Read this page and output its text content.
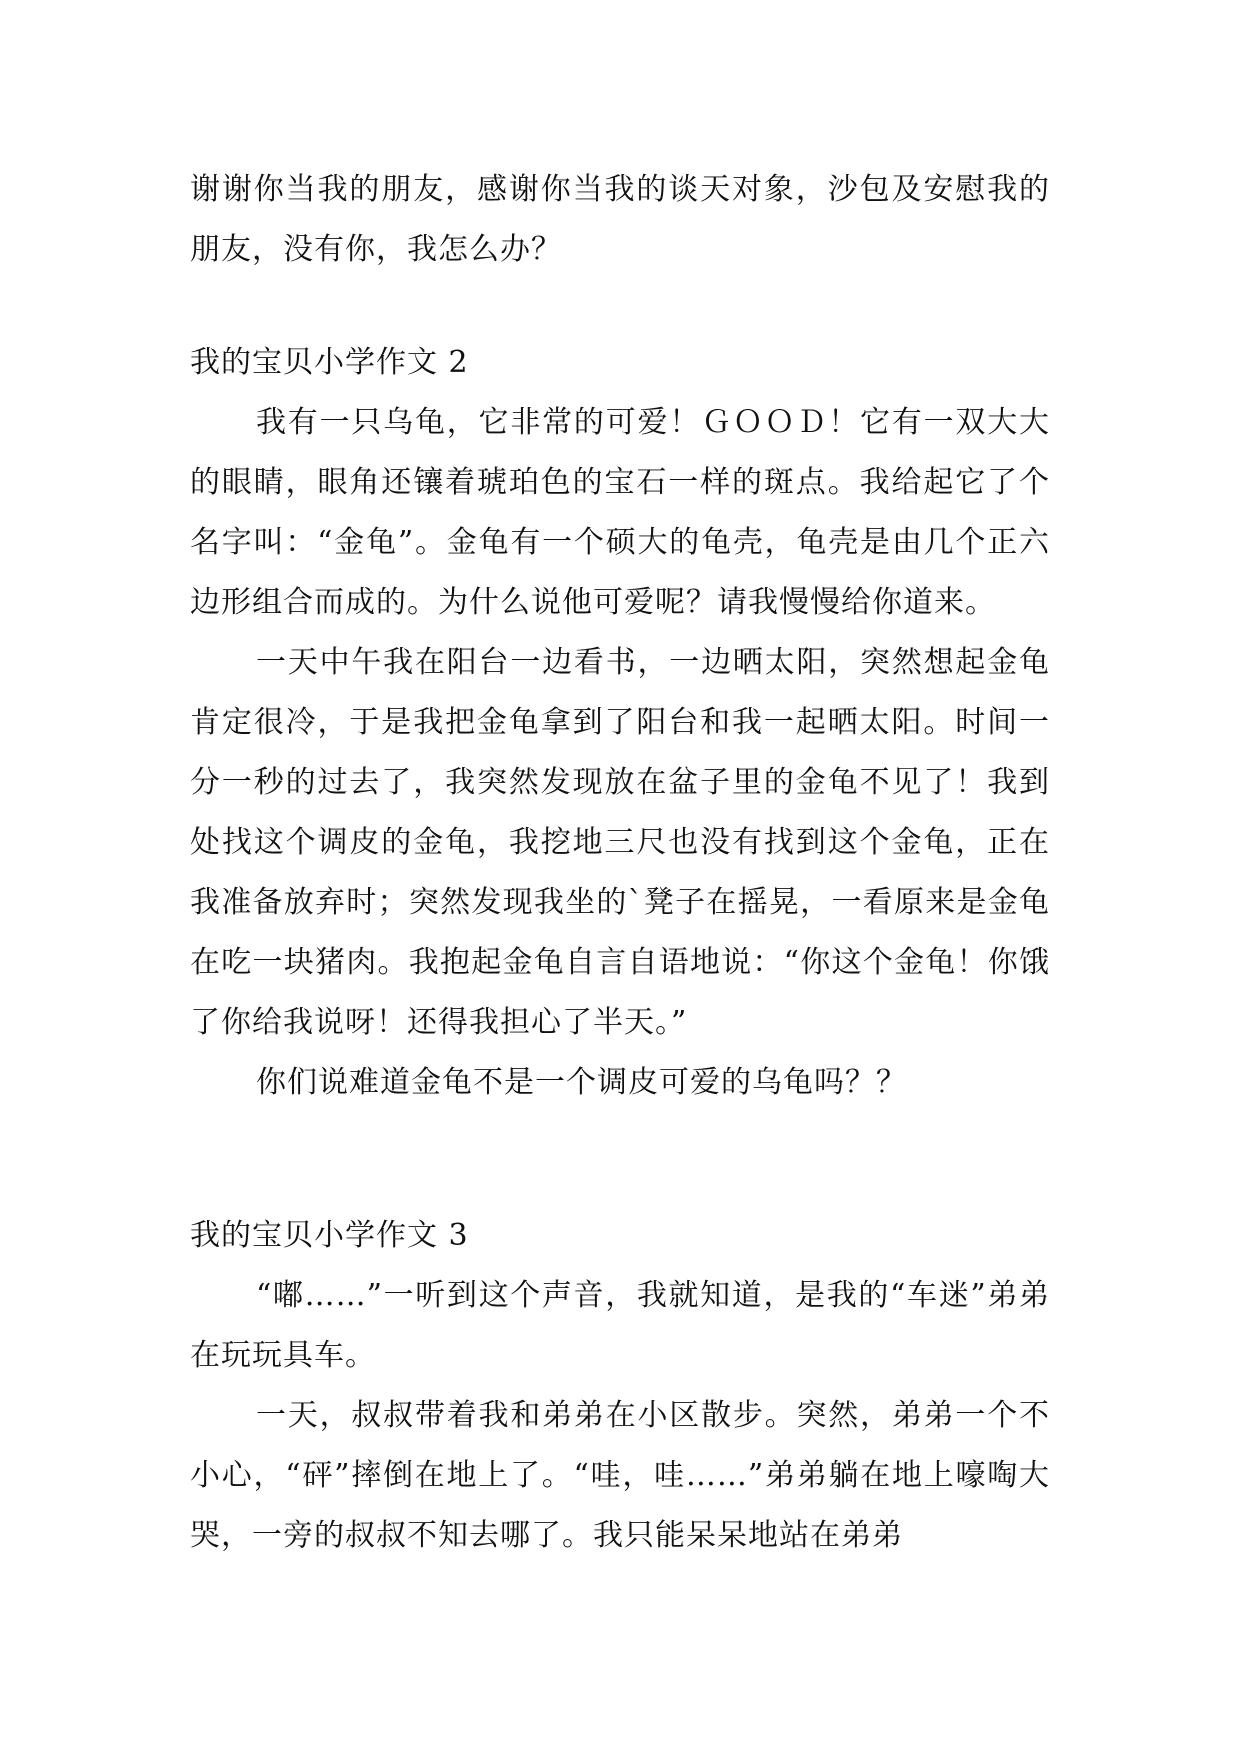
谢谢你当我的朋友，感谢你当我的谈天对象，沙包及安慰我的朋友，没有你，我怎么办？

我的宝贝小学作文 2

我有一只乌龟，它非常的可爱！ＧＯＯＤ！它有一双大大的眼睛，眼角还镶着琥珀色的宝石一样的斑点。我给起它了个名字叫：“金龟”。金龟有一个硕大的龟壳，龟壳是由几个正六边形组合而成的。为什么说他可爱呢？请我慢慢给你道来。

一天中午我在阳台一边看书，一边晒太阳，突然想起金龟肯定很冷，于是我把金龟拿到了阳台和我一起晒太阳。时间一分一秒的过去了，我突然发现放在盆子里的金龟不见了！我到处找这个调皮的金龟，我挖地三尺也没有找到这个金龟，正在我准备放弃时；突然发现我坐的`凳子在摇晃，一看原来是金龟在吃一块猪肉。我抱起金龟自言自语地说：“你这个金龟！你饿了你给我说呀！还得我担心了半天。”

你们说难道金龟不是一个调皮可爱的乌龟吗？？

我的宝贝小学作文 3

“嘟……”一听到这个声音，我就知道，是我的“车迷”弟弟在玩玩具车。

一天，叔叔带着我和弟弟在小区散步。突然，弟弟一个不小心，“砰”摔倒在地上了。“哇，哇……”弟弟躺在地上嚎啕大哭，一旁的叔叔不知去哪了。我只能呆呆地站在弟弟
